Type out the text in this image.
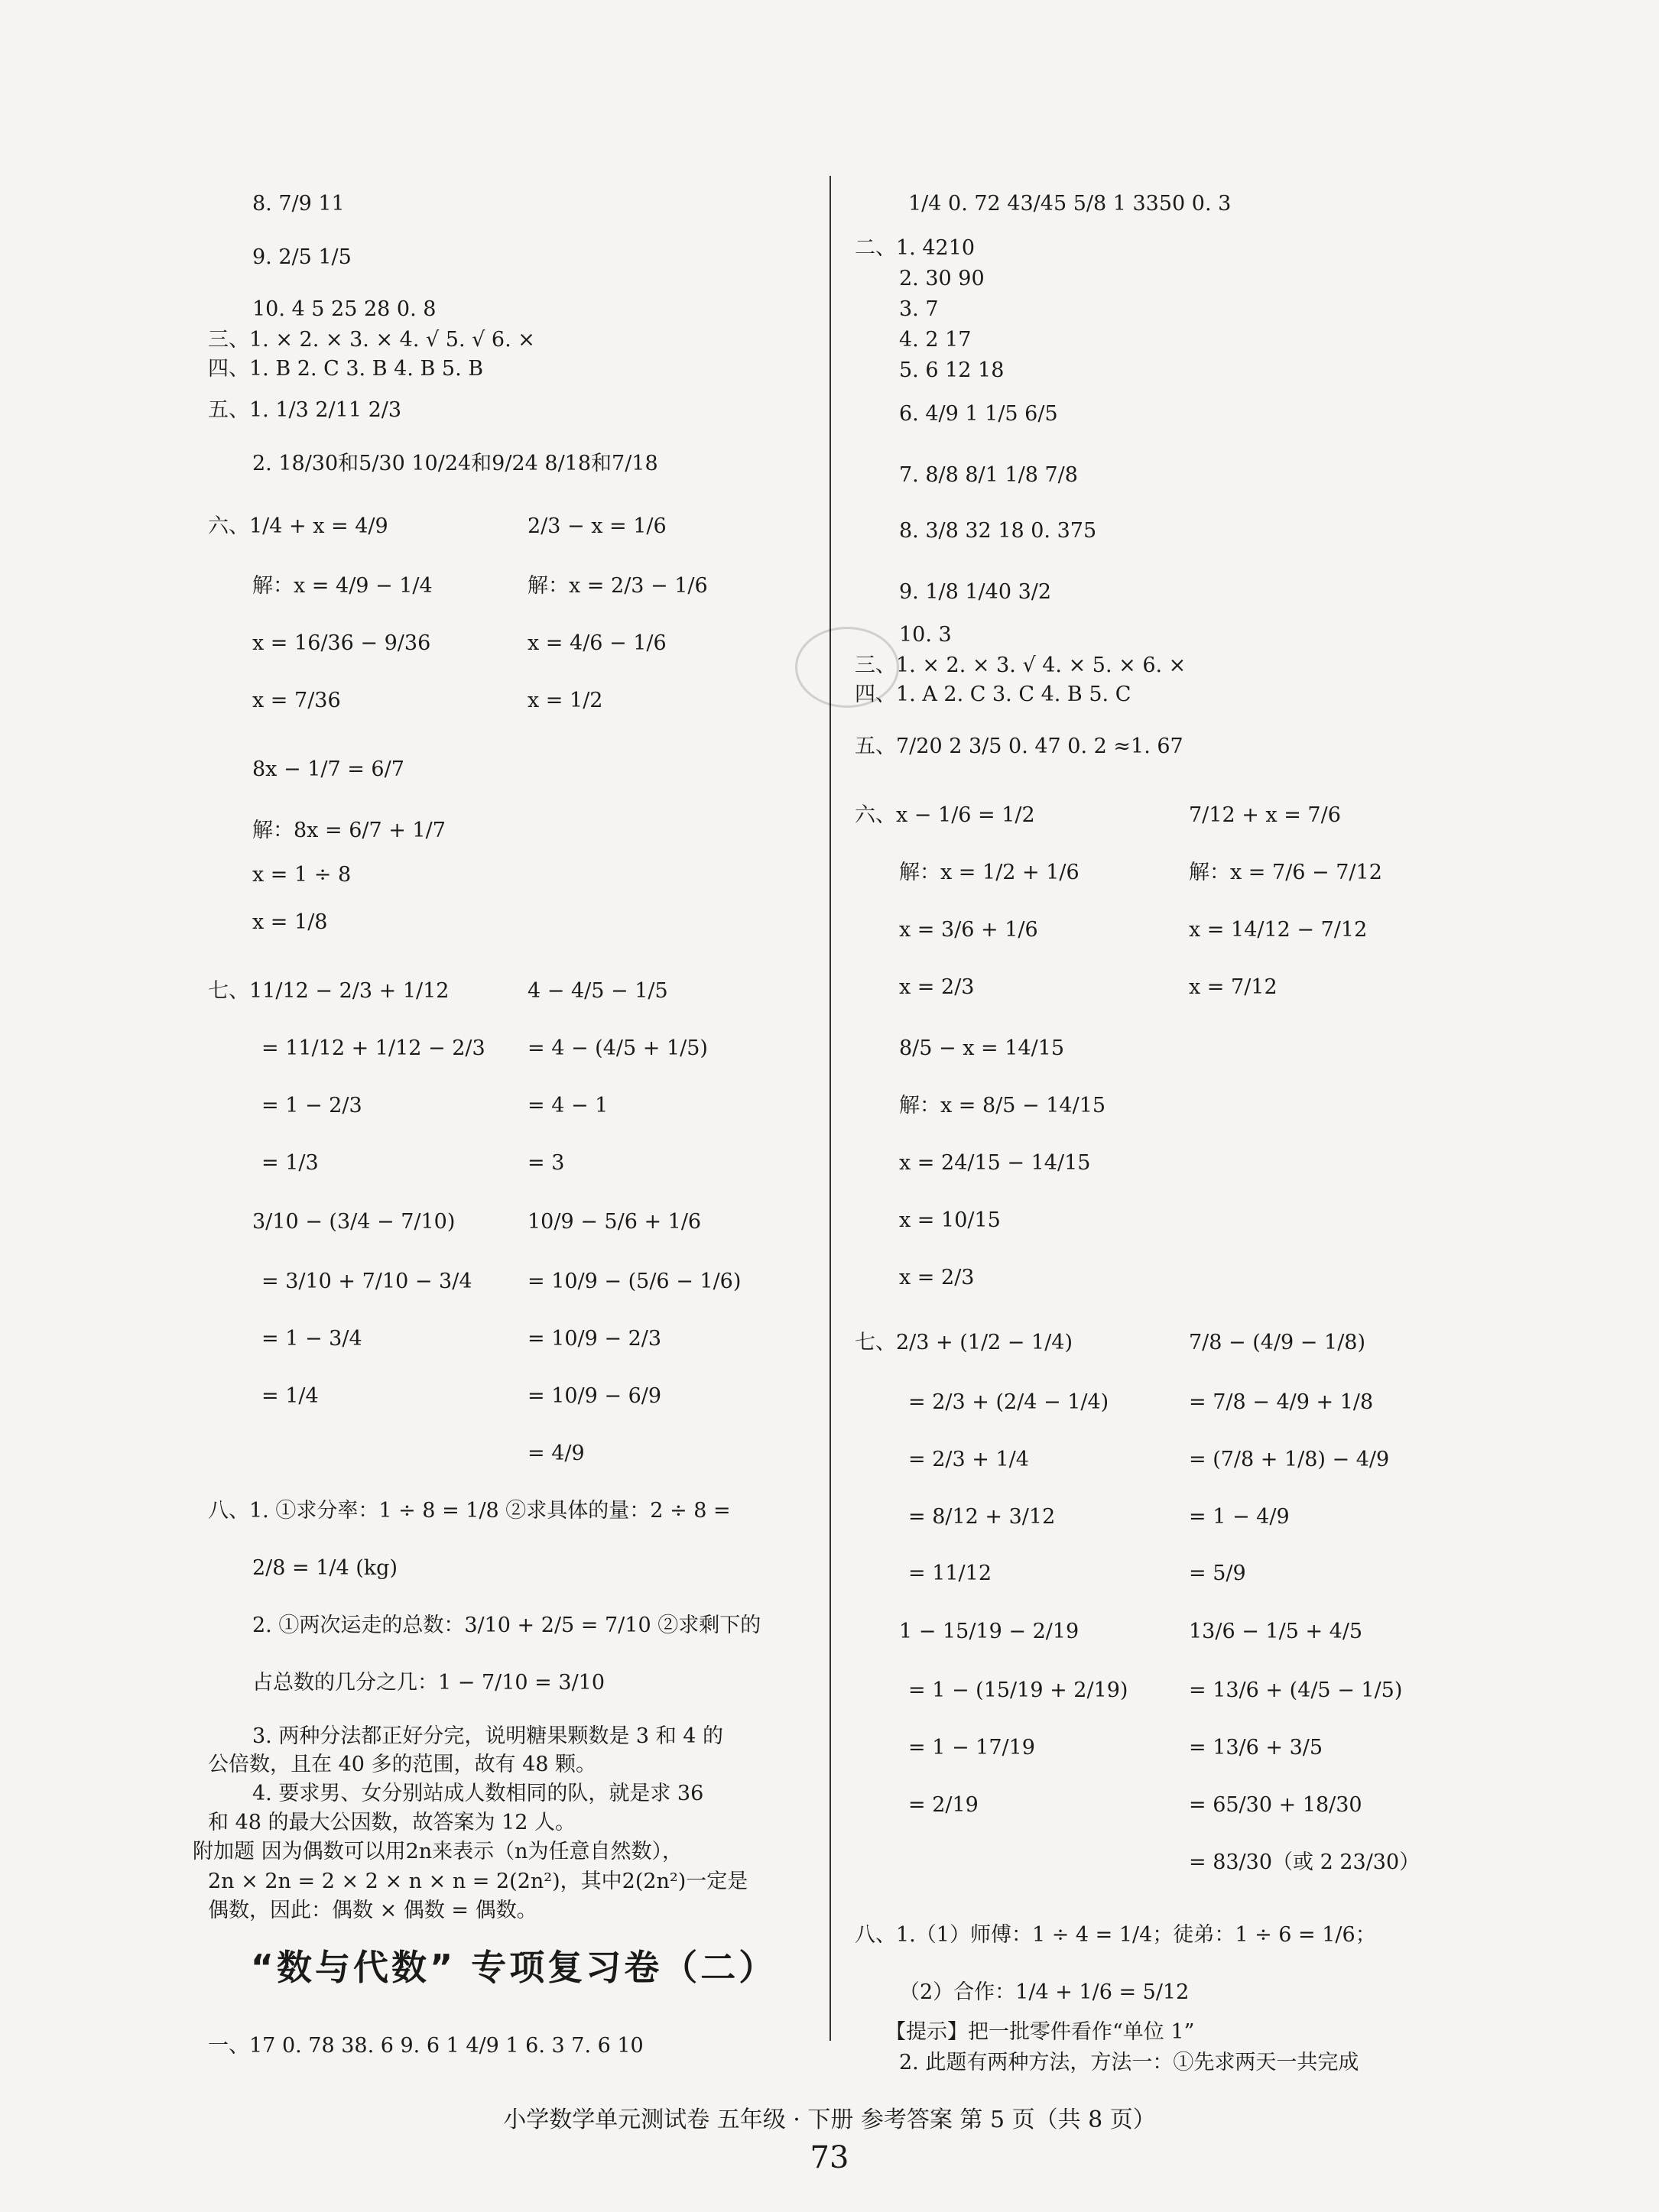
8. 7/9 11
9. 2/5 1/5
10. 4 5 25 28 0. 8
三、1. × 2. × 3. × 4. √ 5. √ 6. ×
四、1. B 2. C 3. B 4. B 5. B
五、1. 1/3 2/11 2/3
2. 18/30和5/30 10/24和9/24 8/18和7/18
六、1/4 + x = 4/9
解：x = 4/9 − 1/4
x = 16/36 − 9/36
x = 7/36
8x − 1/7 = 6/7
解：8x = 6/7 + 1/7
x = 1 ÷ 8
x = 1/8
七、11/12 − 2/3 + 1/12
= 11/12 + 1/12 − 2/3
= 1 − 2/3
= 1/3
3/10 − (3/4 − 7/10)
= 3/10 + 7/10 − 3/4
= 1 − 3/4
= 1/4
八、1. ①求分率：1 ÷ 8 = 1/8 ②求具体的量：2 ÷ 8 =
2/8 = 1/4 (kg)
2. ①两次运走的总数：3/10 + 2/5 = 7/10 ②求剩下的
占总数的几分之几：1 − 7/10 = 3/10
3. 两种分法都正好分完，说明糖果颗数是 3 和 4 的
公倍数，且在 40 多的范围，故有 48 颗。
4. 要求男、女分别站成人数相同的队，就是求 36
和 48 的最大公因数，故答案为 12 人。
附加题 因为偶数可以用2n来表示（n为任意自然数），
2n × 2n = 2 × 2 × n × n = 2(2n²)，其中2(2n²)一定是
偶数，因此：偶数 × 偶数 = 偶数。
一、17 0. 78 38. 6 9. 6 1 4/9 1 6. 3 7. 6 10
2/3 − x = 1/6
解：x = 2/3 − 1/6
x = 4/6 − 1/6
x = 1/2
4 − 4/5 − 1/5
= 4 − (4/5 + 1/5)
= 4 − 1
= 3
10/9 − 5/6 + 1/6
= 10/9 − (5/6 − 1/6)
= 10/9 − 2/3
= 10/9 − 6/9
= 4/9
“数与代数” 专项复习卷（二）
1/4 0. 72 43/45 5/8 1 3350 0. 3
二、1. 4210
2. 30 90
3. 7
4. 2 17
5. 6 12 18
6. 4/9 1 1/5 6/5
7. 8/8 8/1 1/8 7/8
8. 3/8 32 18 0. 375
9. 1/8 1/40 3/2
10. 3
三、1. × 2. × 3. √ 4. × 5. × 6. ×
四、1. A 2. C 3. C 4. B 5. C
五、7/20 2 3/5 0. 47 0. 2 ≈1. 67
六、x − 1/6 = 1/2
解：x = 1/2 + 1/6
x = 3/6 + 1/6
x = 2/3
8/5 − x = 14/15
解：x = 8/5 − 14/15
x = 24/15 − 14/15
x = 10/15
x = 2/3
七、2/3 + (1/2 − 1/4)
= 2/3 + (2/4 − 1/4)
= 2/3 + 1/4
= 8/12 + 3/12
= 11/12
1 − 15/19 − 2/19
= 1 − (15/19 + 2/19)
= 1 − 17/19
= 2/19
八、1.（1）师傅：1 ÷ 4 = 1/4；徒弟：1 ÷ 6 = 1/6；
（2）合作：1/4 + 1/6 = 5/12
【提示】把一批零件看作“单位 1”
2. 此题有两种方法，方法一：①先求两天一共完成
7/12 + x = 7/6
解：x = 7/6 − 7/12
x = 14/12 − 7/12
x = 7/12
7/8 − (4/9 − 1/8)
= 7/8 − 4/9 + 1/8
= (7/8 + 1/8) − 4/9
= 1 − 4/9
= 5/9
13/6 − 1/5 + 4/5
= 13/6 + (4/5 − 1/5)
= 13/6 + 3/5
= 65/30 + 18/30
= 83/30（或 2 23/30）
小学数学单元测试卷 五年级 · 下册 参考答案 第 5 页（共 8 页）
73
